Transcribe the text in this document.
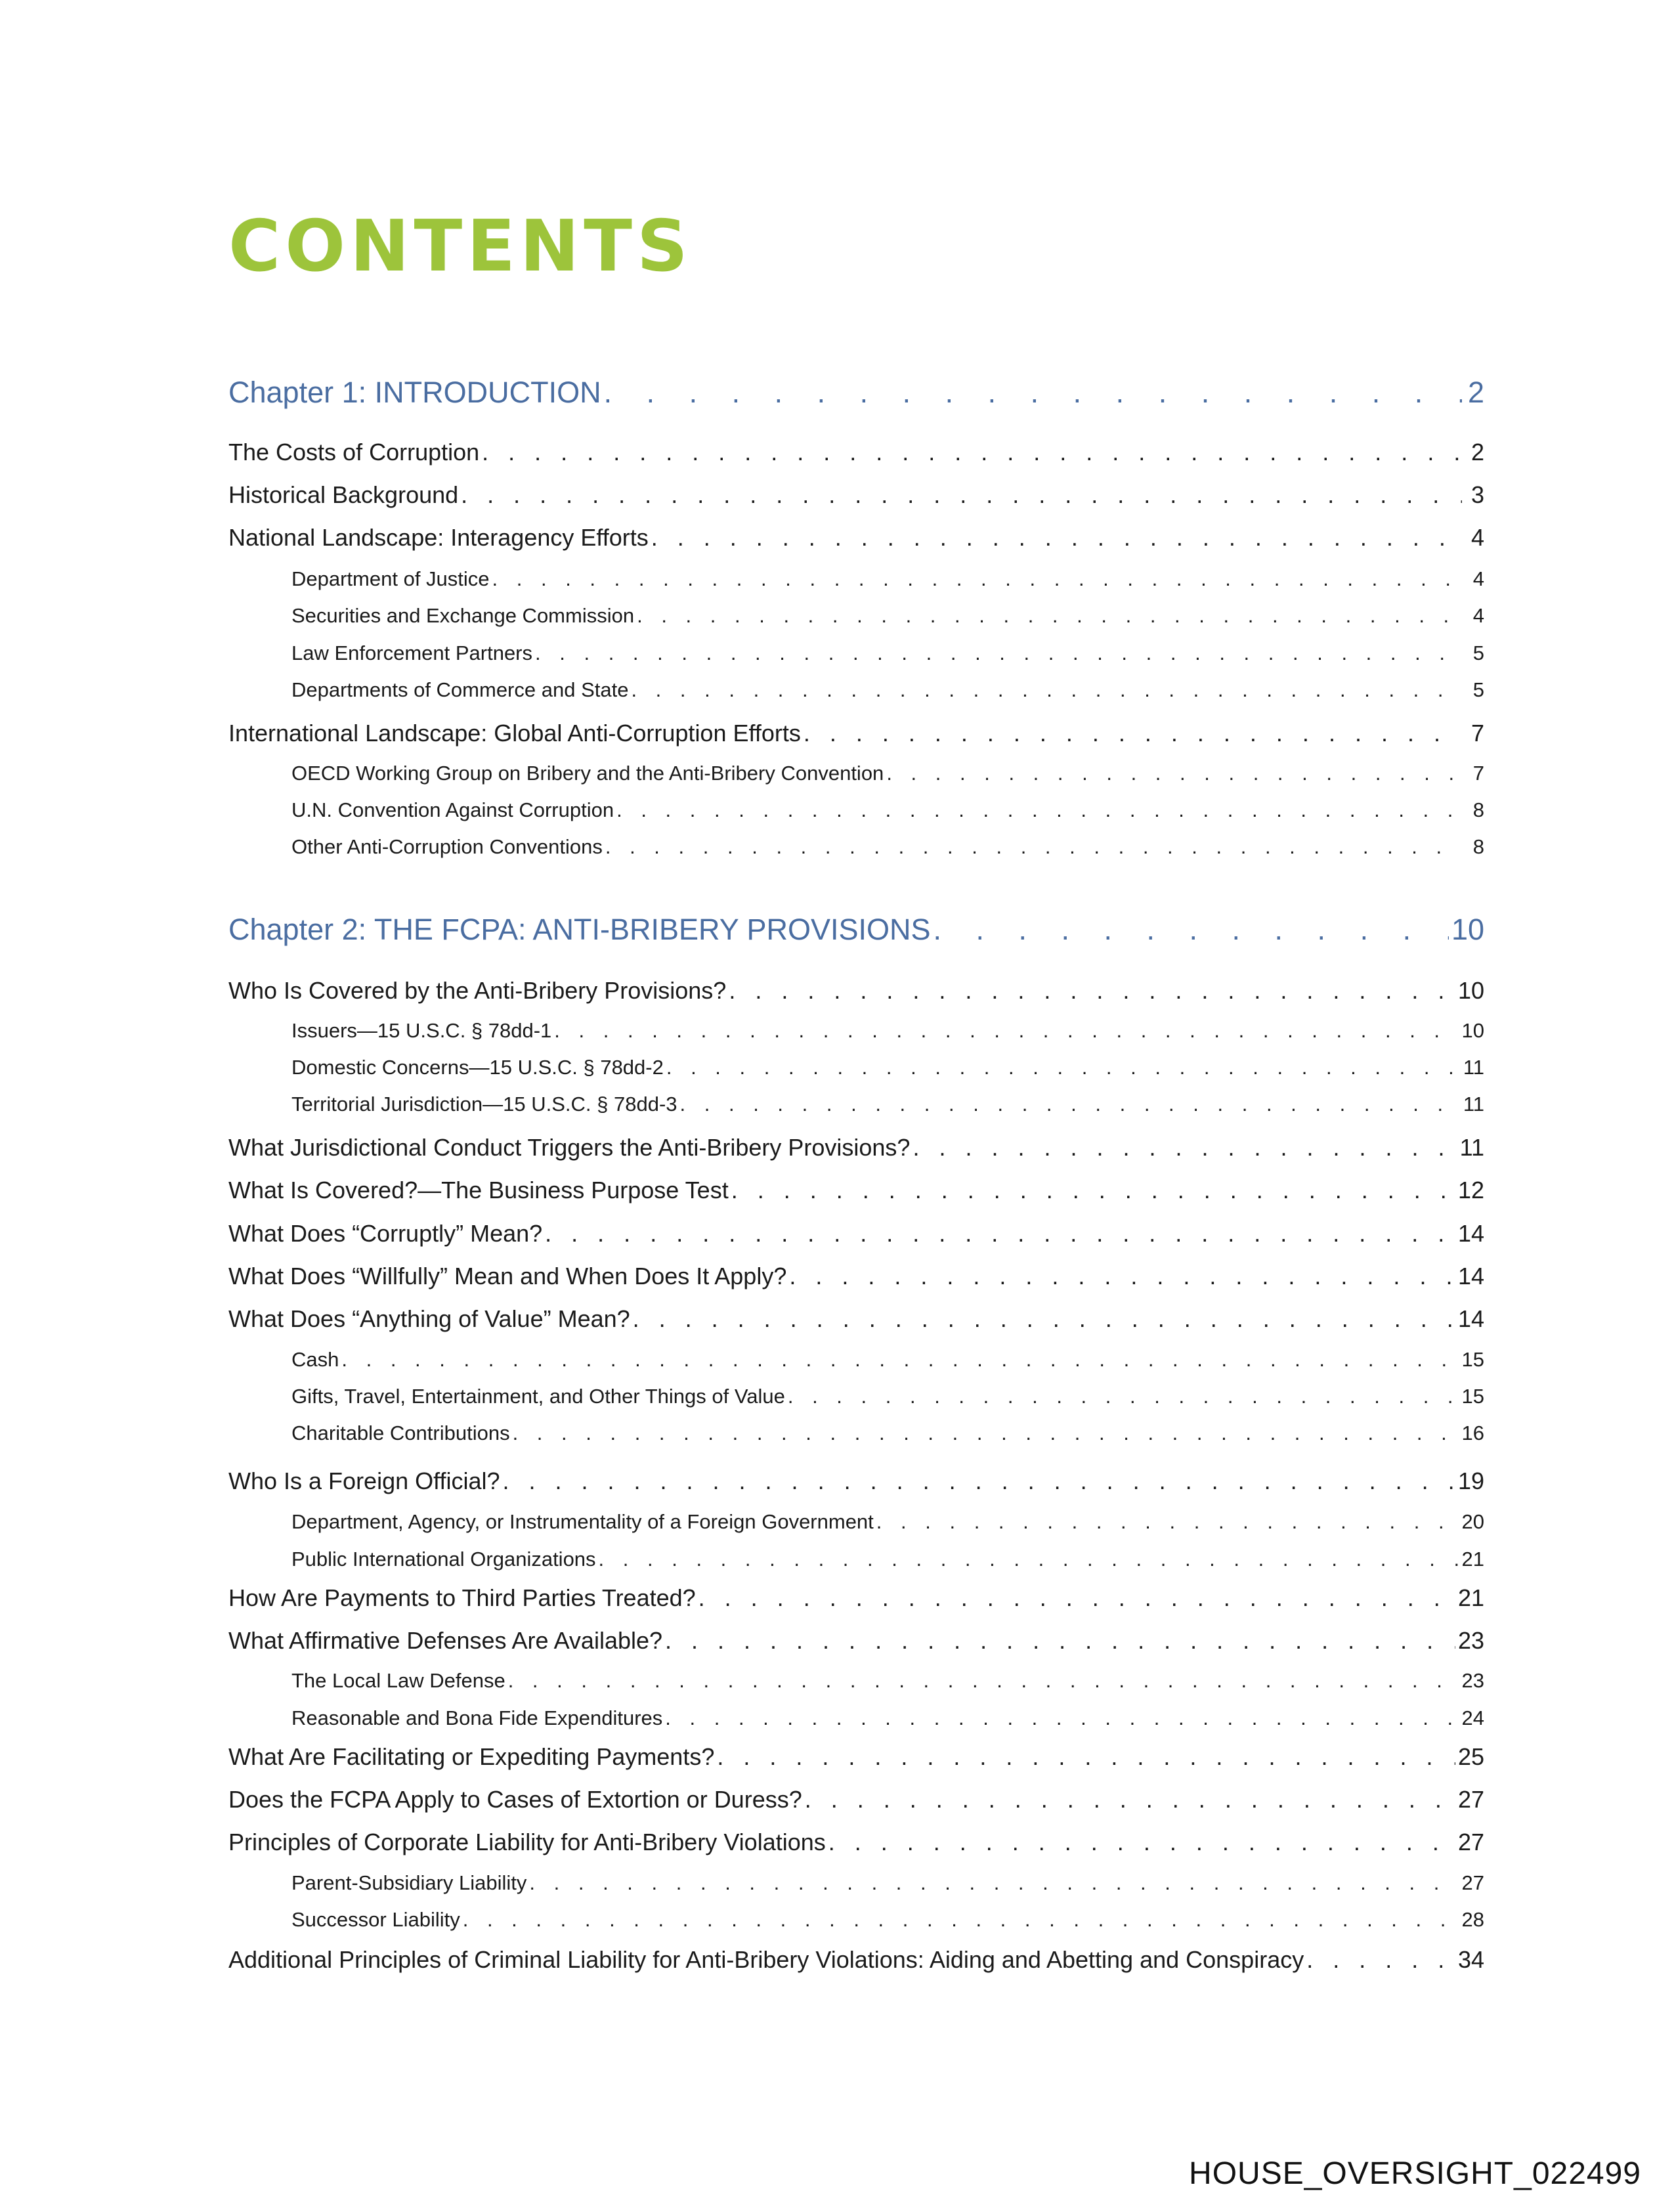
CONTENTS
Chapter 1: INTRODUCTION . . .	2
The Costs of Corruption . . .	2
Historical Background . . .	3
National Landscape: Interagency Efforts . . .	4
Department of Justice . . .	4
Securities and Exchange Commission . . .	4
Law Enforcement Partners . . .	5
Departments of Commerce and State . . .	5
International Landscape: Global Anti-Corruption Efforts . . .	7
OECD Working Group on Bribery and the Anti-Bribery Convention . . .	7
U.N. Convention Against Corruption . . .	8
Other Anti-Corruption Conventions . . .	8
Chapter 2: THE FCPA: ANTI-BRIBERY PROVISIONS . . .	10
Who Is Covered by the Anti-Bribery Provisions? . . .	10
Issuers—15 U.S.C. § 78dd-1 . . .	10
Domestic Concerns—15 U.S.C. § 78dd-2 . . .	11
Territorial Jurisdiction—15 U.S.C. § 78dd-3 . . .	11
What Jurisdictional Conduct Triggers the Anti-Bribery Provisions? . . .	11
What Is Covered?—The Business Purpose Test . . .	12
What Does “Corruptly” Mean? . . .	14
What Does “Willfully” Mean and When Does It Apply? . . .	14
What Does “Anything of Value” Mean? . . .	14
Cash . . .	15
Gifts, Travel, Entertainment, and Other Things of Value . . .	15
Charitable Contributions . . .	16
Who Is a Foreign Official? . . .	19
Department, Agency, or Instrumentality of a Foreign Government . . .	20
Public International Organizations . . .	21
How Are Payments to Third Parties Treated? . . .	21
What Affirmative Defenses Are Available? . . .	23
The Local Law Defense . . .	23
Reasonable and Bona Fide Expenditures . . .	24
What Are Facilitating or Expediting Payments? . . .	25
Does the FCPA Apply to Cases of Extortion or Duress? . . .	27
Principles of Corporate Liability for Anti-Bribery Violations . . .	27
Parent-Subsidiary Liability . . .	27
Successor Liability . . .	28
Additional Principles of Criminal Liability for Anti-Bribery Violations: Aiding and Abetting and Conspiracy . . .	34
HOUSE_OVERSIGHT_022499
